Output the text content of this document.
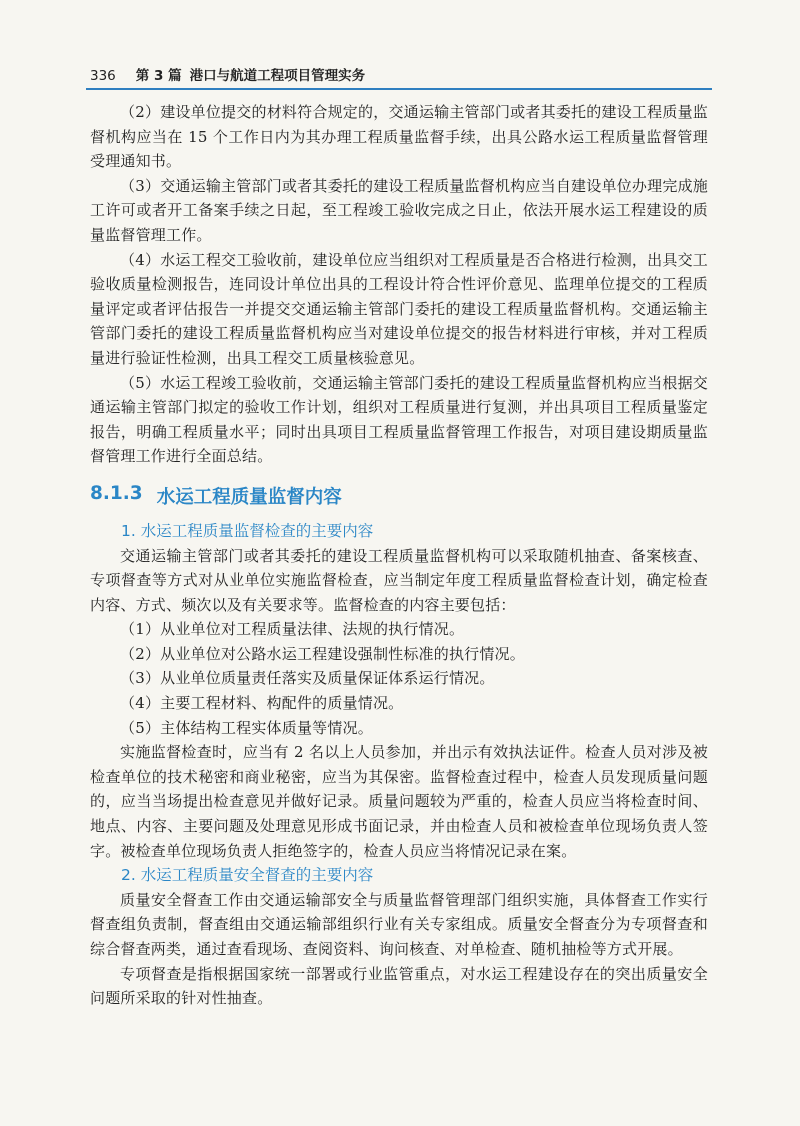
336 第 3 篇 港口与航道工程项目管理实务

（2）建设单位提交的材料符合规定的，交通运输主管部门或者其委托的建设工程质量监督机构应当在 15 个工作日内为其办理工程质量监督手续，出具公路水运工程质量监督管理受理通知书。

（3）交通运输主管部门或者其委托的建设工程质量监督机构应当自建设单位办理完成施工许可或者开工备案手续之日起，至工程竣工验收完成之日止，依法开展水运工程建设的质量监督管理工作。

（4）水运工程交工验收前，建设单位应当组织对工程质量是否合格进行检测，出具交工验收质量检测报告，连同设计单位出具的工程设计符合性评价意见、监理单位提交的工程质量评定或者评估报告一并提交交通运输主管部门委托的建设工程质量监督机构。交通运输主管部门委托的建设工程质量监督机构应当对建设单位提交的报告材料进行审核，并对工程质量进行验证性检测，出具工程交工质量核验意见。

（5）水运工程竣工验收前，交通运输主管部门委托的建设工程质量监督机构应当根据交通运输主管部门拟定的验收工作计划，组织对工程质量进行复测，并出具项目工程质量鉴定报告，明确工程质量水平；同时出具项目工程质量监督管理工作报告，对项目建设期质量监督管理工作进行全面总结。

8.1.3 水运工程质量监督内容
1. 水运工程质量监督检查的主要内容

交通运输主管部门或者其委托的建设工程质量监督机构可以采取随机抽查、备案核查、专项督查等方式对从业单位实施监督检查，应当制定年度工程质量监督检查计划，确定检查内容、方式、频次以及有关要求等。监督检查的内容主要包括：

（1）从业单位对工程质量法律、法规的执行情况。

（2）从业单位对公路水运工程建设强制性标准的执行情况。

（3）从业单位质量责任落实及质量保证体系运行情况。

（4）主要工程材料、构配件的质量情况。

（5）主体结构工程实体质量等情况。

实施监督检查时，应当有 2 名以上人员参加，并出示有效执法证件。检查人员对涉及被检查单位的技术秘密和商业秘密，应当为其保密。监督检查过程中，检查人员发现质量问题的，应当当场提出检查意见并做好记录。质量问题较为严重的，检查人员应当将检查时间、地点、内容、主要问题及处理意见形成书面记录，并由检查人员和被检查单位现场负责人签字。被检查单位现场负责人拒绝签字的，检查人员应当将情况记录在案。

2. 水运工程质量安全督查的主要内容

质量安全督查工作由交通运输部安全与质量监督管理部门组织实施，具体督查工作实行督查组负责制，督查组由交通运输部组织行业有关专家组成。质量安全督查分为专项督查和综合督查两类，通过查看现场、查阅资料、询问核查、对单检查、随机抽检等方式开展。

专项督查是指根据国家统一部署或行业监管重点，对水运工程建设存在的突出质量安全问题所采取的针对性抽查。
